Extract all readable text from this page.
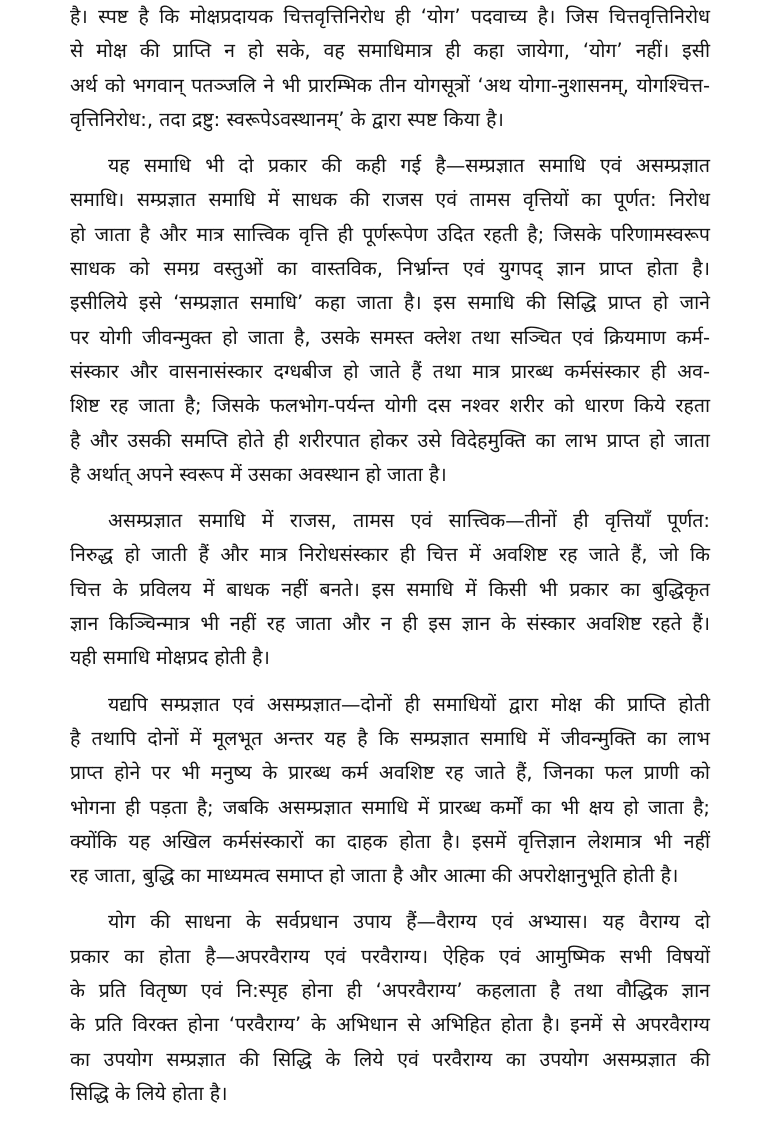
है। स्पष्ट है कि मोक्षप्रदायक चित्तवृत्तिनिरोध ही ‘योग’ पदवाच्य है। जिस चित्तवृत्तिनिरोध
से मोक्ष की प्राप्ति न हो सके, वह समाधिमात्र ही कहा जायेगा, ‘योग’ नहीं। इसी
अर्थ को भगवान् पतञ्जलि ने भी प्रारम्भिक तीन योगसूत्रों ‘अथ योगा-नुशासनम्, योगश्चित्त-
वृत्तिनिरोध:, तदा द्रष्टु: स्वरूपेऽवस्थानम्’ के द्वारा स्पष्ट किया है।
यह समाधि भी दो प्रकार की कही गई है—सम्प्रज्ञात समाधि एवं असम्प्रज्ञात
समाधि। सम्प्रज्ञात समाधि में साधक की राजस एवं तामस वृत्तियों का पूर्णत: निरोध
हो जाता है और मात्र सात्त्विक वृत्ति ही पूर्णरूपेण उदित रहती है; जिसके परिणामस्वरूप
साधक को समग्र वस्तुओं का वास्तविक, निर्भ्रान्त एवं युगपद् ज्ञान प्राप्त होता है।
इसीलिये इसे ‘सम्प्रज्ञात समाधि’ कहा जाता है। इस समाधि की सिद्धि प्राप्त हो जाने
पर योगी जीवन्मुक्त हो जाता है, उसके समस्त क्लेश तथा सञ्चित एवं क्रियमाण कर्म-
संस्कार और वासनासंस्कार दग्धबीज हो जाते हैं तथा मात्र प्रारब्ध कर्मसंस्कार ही अव-
शिष्ट रह जाता है; जिसके फलभोग-पर्यन्त योगी दस नश्वर शरीर को धारण किये रहता
है और उसकी समप्ति होते ही शरीरपात होकर उसे विदेहमुक्ति का लाभ प्राप्त हो जाता
है अर्थात् अपने स्वरूप में उसका अवस्थान हो जाता है।
असम्प्रज्ञात समाधि में राजस, तामस एवं सात्त्विक—तीनों ही वृत्तियाँ पूर्णत:
निरुद्ध हो जाती हैं और मात्र निरोधसंस्कार ही चित्त में अवशिष्ट रह जाते हैं, जो कि
चित्त के प्रविलय में बाधक नहीं बनते। इस समाधि में किसी भी प्रकार का बुद्धिकृत
ज्ञान किञ्चिन्मात्र भी नहीं रह जाता और न ही इस ज्ञान के संस्कार अवशिष्ट रहते हैं।
यही समाधि मोक्षप्रद होती है।
यद्यपि सम्प्रज्ञात एवं असम्प्रज्ञात—दोनों ही समाधियों द्वारा मोक्ष की प्राप्ति होती
है तथापि दोनों में मूलभूत अन्तर यह है कि सम्प्रज्ञात समाधि में जीवन्मुक्ति का लाभ
प्राप्त होने पर भी मनुष्य के प्रारब्ध कर्म अवशिष्ट रह जाते हैं, जिनका फल प्राणी को
भोगना ही पड़ता है; जबकि असम्प्रज्ञात समाधि में प्रारब्ध कर्मों का भी क्षय हो जाता है;
क्योंकि यह अखिल कर्मसंस्कारों का दाहक होता है। इसमें वृत्तिज्ञान लेशमात्र भी नहीं
रह जाता, बुद्धि का माध्यमत्व समाप्त हो जाता है और आत्मा की अपरोक्षानुभूति होती है।
योग की साधना के सर्वप्रधान उपाय हैं—वैराग्य एवं अभ्यास। यह वैराग्य दो
प्रकार का होता है—अपरवैराग्य एवं परवैराग्य। ऐहिक एवं आमुष्मिक सभी विषयों
के प्रति वितृष्ण एवं नि:स्पृह होना ही ‘अपरवैराग्य’ कहलाता है तथा वौद्धिक ज्ञान
के प्रति विरक्त होना ‘परवैराग्य’ के अभिधान से अभिहित होता है। इनमें से अपरवैराग्य
का उपयोग सम्प्रज्ञात की सिद्धि के लिये एवं परवैराग्य का उपयोग असम्प्रज्ञात की
सिद्धि के लिये होता है।
